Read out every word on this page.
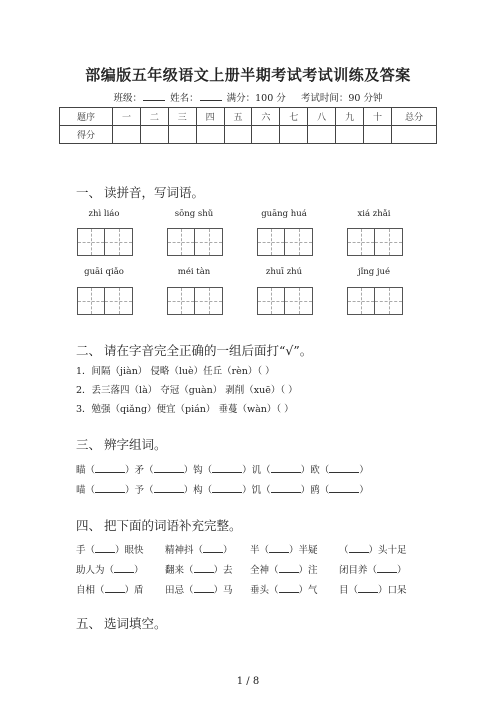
部编版五年级语文上册半期考试考试训练及答案
班级：	姓名：	满分：100 分 考试时间：90 分钟
题序	一	二	三	四	五	六	七	八	九	十	总分
得分											
一、 读拼音，写词语。
zhì liáo	sōng shǔ	guāng huá	xiá zhǎi
guāi qiǎo	méi tàn	zhuī zhú	jǐng jué
二、 请在字音完全正确的一组后面打“√”。
1．间隔（jiàn） 侵略（luè）任丘（rèn）（ ）
2．丢三落四（là） 夺冠（guàn） 剥削（xuē）（ ）
3．勉强（qiǎng）便宜（pián） 垂蔓（wàn）（ ）
三、 辨字组词。
瞄（	）矛（	）钩（	）讥（	）欧（	）
喵（	）予（	）构（	）饥（	）鸥（	）
四、 把下面的词语补充完整。
手（ ）眼快 精神抖（ ） 半（ ）半疑 （ ）头十足
助人为（ ） 翻来（ ）去 全神（ ）注 闭目养（ ）
自相（ ）盾 田忌（ ）马 垂头（ ）气 目（ ）口呆
五、 选词填空。
1 / 8
